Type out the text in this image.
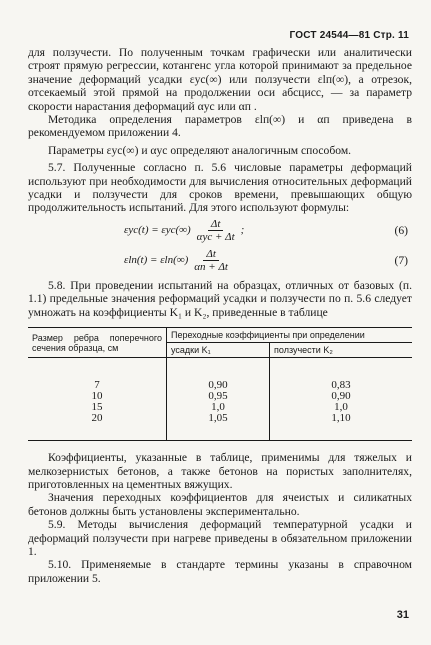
ГОСТ 24544—81 Стр. 11

для ползучести. По полученным точкам графически или аналитически строят прямую регрессии, котангенс угла которой принимают за предельное значение деформаций усадки εус(∞) или ползучести εlп(∞), а отрезок, отсекаемый этой прямой на продолжении оси абсцисс, — за параметр скорости нарастания деформаций αус или αп .

Методика определения параметров εlп(∞) и αп приведена в рекомендуемом приложении 4.

Параметры εус(∞) и αус определяют аналогичным способом.

5.7. Полученные согласно п. 5.6 числовые параметры деформаций используют при необходимости для вычисления относительных деформаций усадки и ползучести для сроков времени, превышающих общую продолжительность испытаний. Для этого используют формулы:

$\varepsilon ус(t) = \varepsilon ус(\infty) \frac{\Delta t}{\text{αус + Δt}}$ ;	(6)
$\varepsilon lп(t) = \varepsilon lп(\infty) \frac{\Delta t}{\alpha п + \Delta t}$	(7)

5.8. При проведении испытаний на образцах, отличных от базовых (п. 1.1) предельные значения реформаций усадки и ползучести по п. 5.6 следует умножать на коэффициенты K₁ и K₂, приведенные в таблице

Размер ребра поперечного сечения образца, см	Переходные коэффициенты при определении	
	усадки K₁	ползучести K₂
7	0,90	0,83
10	0,95	0,90
15	1,0	1,0
20	1,05	1,10

Коэффициенты, указанные в таблице, применимы для тяжелых и мелкозернистых бетонов, а также бетонов на пористых заполнителях, приготовленных на цементных вяжущих.

Значения переходных коэффициентов для ячеистых и силикатных бетонов должны быть установлены экспериментально.

5.9. Методы вычисления деформаций температурной усадки и деформаций ползучести при нагреве приведены в обязательном приложении 1.

5.10. Применяемые в стандарте термины указаны в справочном приложении 5.

31
